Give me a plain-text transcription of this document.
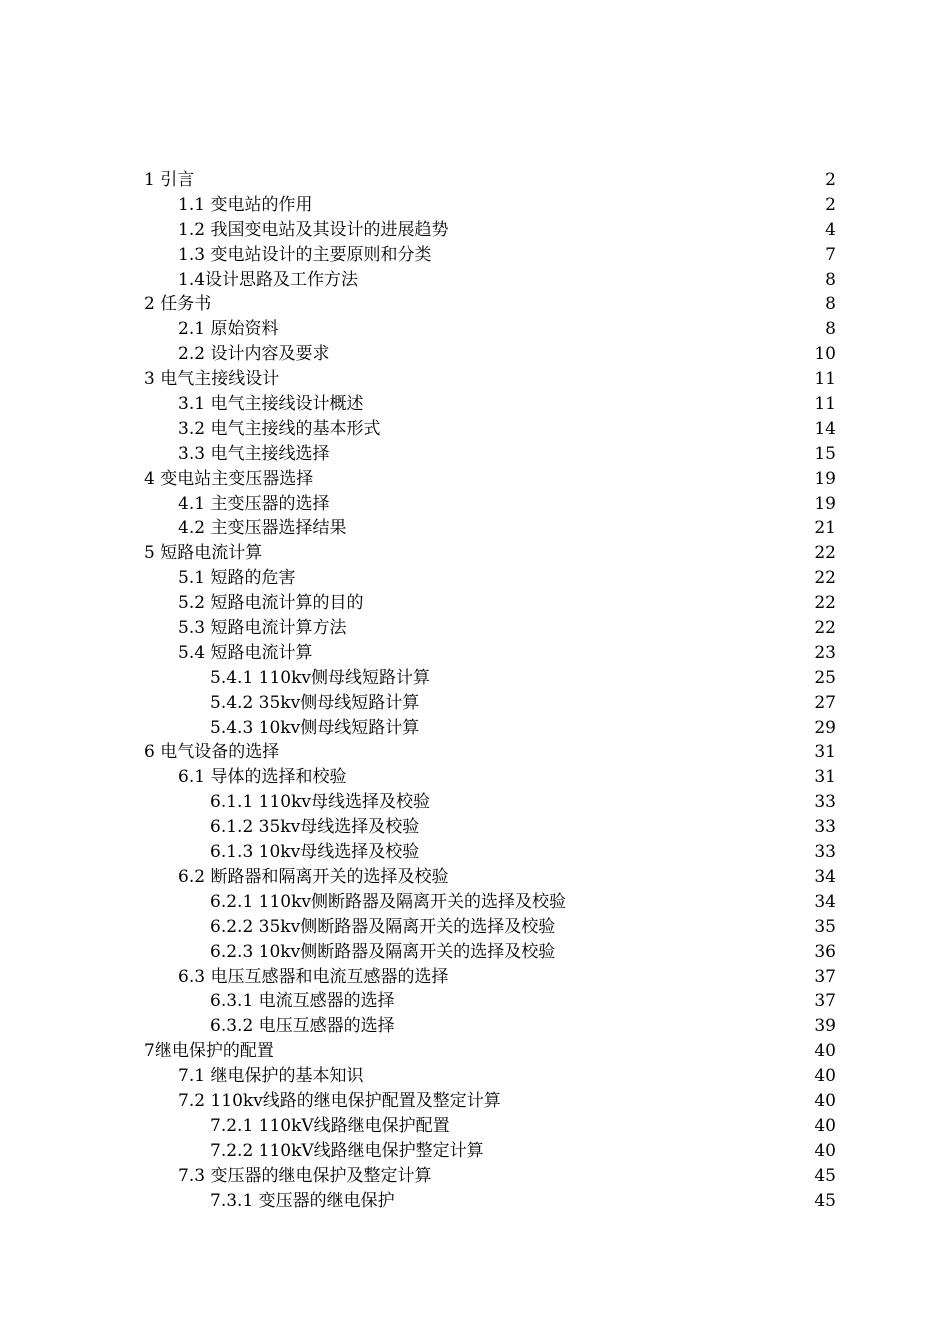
1 引言	2
1.1 变电站的作用	2
1.2 我国变电站及其设计的进展趋势	4
1.3 变电站设计的主要原则和分类	7
1.4设计思路及工作方法	8
2 任务书	8
2.1 原始资料	8
2.2 设计内容及要求	10
3 电气主接线设计	11
3.1 电气主接线设计概述	11
3.2 电气主接线的基本形式	14
3.3 电气主接线选择	15
4 变电站主变压器选择	19
4.1 主变压器的选择	19
4.2 主变压器选择结果	21
5 短路电流计算	22
5.1 短路的危害	22
5.2 短路电流计算的目的	22
5.3 短路电流计算方法	22
5.4 短路电流计算	23
5.4.1 110kv侧母线短路计算	25
5.4.2 35kv侧母线短路计算	27
5.4.3 10kv侧母线短路计算	29
6 电气设备的选择	31
6.1 导体的选择和校验	31
6.1.1 110kv母线选择及校验	33
6.1.2 35kv母线选择及校验	33
6.1.3 10kv母线选择及校验	33
6.2 断路器和隔离开关的选择及校验	34
6.2.1 110kv侧断路器及隔离开关的选择及校验	34
6.2.2 35kv侧断路器及隔离开关的选择及校验	35
6.2.3 10kv侧断路器及隔离开关的选择及校验	36
6.3 电压互感器和电流互感器的选择	37
6.3.1 电流互感器的选择	37
6.3.2 电压互感器的选择	39
7继电保护的配置	40
7.1 继电保护的基本知识	40
7.2 110kv线路的继电保护配置及整定计算	40
7.2.1 110kV线路继电保护配置	40
7.2.2 110kV线路继电保护整定计算	40
7.3 变压器的继电保护及整定计算	45
7.3.1 变压器的继电保护	45
